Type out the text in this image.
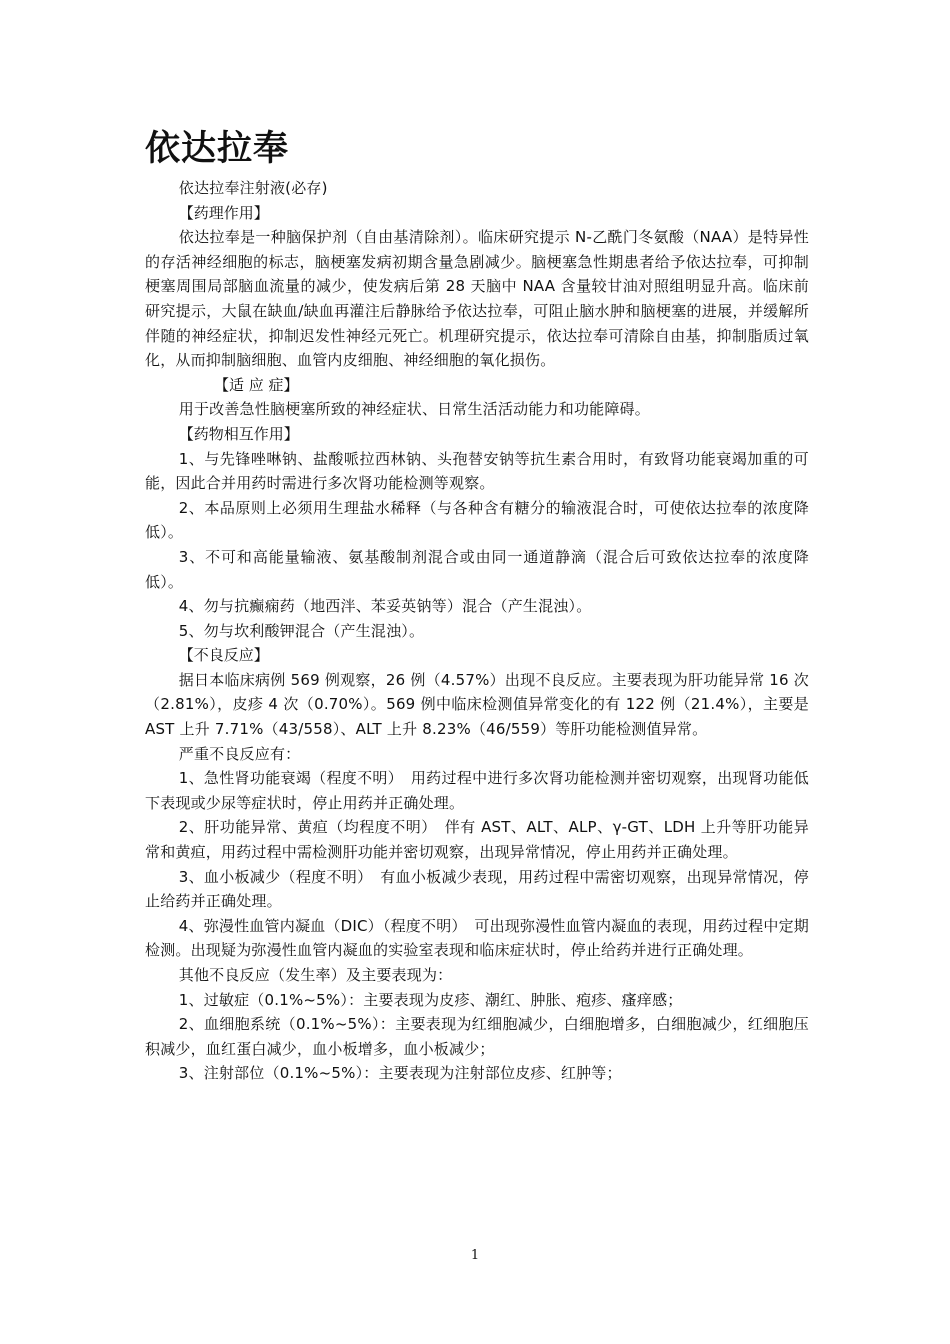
依达拉奉

依达拉奉注射液(必存)

【药理作用】

依达拉奉是一种脑保护剂（自由基清除剂）。临床研究提示 N-乙酰门冬氨酸（NAA）是特异性的存活神经细胞的标志，脑梗塞发病初期含量急剧减少。脑梗塞急性期患者给予依达拉奉，可抑制梗塞周围局部脑血流量的减少，使发病后第 28 天脑中 NAA 含量较甘油对照组明显升高。临床前研究提示，大鼠在缺血/缺血再灌注后静脉给予依达拉奉，可阻止脑水肿和脑梗塞的进展，并缓解所伴随的神经症状，抑制迟发性神经元死亡。机理研究提示，依达拉奉可清除自由基，抑制脂质过氧化，从而抑制脑细胞、血管内皮细胞、神经细胞的氧化损伤。

【适 应 症】

用于改善急性脑梗塞所致的神经症状、日常生活活动能力和功能障碍。

【药物相互作用】

1、与先锋唑啉钠、盐酸哌拉西林钠、头孢替安钠等抗生素合用时，有致肾功能衰竭加重的可能，因此合并用药时需进行多次肾功能检测等观察。

2、本品原则上必须用生理盐水稀释（与各种含有糖分的输液混合时，可使依达拉奉的浓度降低）。

3、不可和高能量输液、氨基酸制剂混合或由同一通道静滴（混合后可致依达拉奉的浓度降低）。

4、勿与抗癫痫药（地西泮、苯妥英钠等）混合（产生混浊）。

5、勿与坎利酸钾混合（产生混浊）。

【不良反应】

据日本临床病例 569 例观察，26 例（4.57%）出现不良反应。主要表现为肝功能异常 16 次（2.81%），皮疹 4 次（0.70%）。569 例中临床检测值异常变化的有 122 例（21.4%），主要是 AST 上升 7.71%（43/558）、ALT 上升 8.23%（46/559）等肝功能检测值异常。

严重不良反应有：

1、急性肾功能衰竭（程度不明）　用药过程中进行多次肾功能检测并密切观察，出现肾功能低下表现或少尿等症状时，停止用药并正确处理。

2、肝功能异常、黄疸（均程度不明）　伴有 AST、ALT、ALP、γ-GT、LDH 上升等肝功能异常和黄疸，用药过程中需检测肝功能并密切观察，出现异常情况，停止用药并正确处理。

3、血小板减少（程度不明）　有血小板减少表现，用药过程中需密切观察，出现异常情况，停止给药并正确处理。

4、弥漫性血管内凝血（DIC）（程度不明）　可出现弥漫性血管内凝血的表现，用药过程中定期检测。出现疑为弥漫性血管内凝血的实验室表现和临床症状时，停止给药并进行正确处理。

其他不良反应（发生率）及主要表现为：

1、过敏症（0.1%~5%）：主要表现为皮疹、潮红、肿胀、疱疹、瘙痒感；

2、血细胞系统（0.1%~5%）：主要表现为红细胞减少，白细胞增多，白细胞减少，红细胞压积减少，血红蛋白减少，血小板增多，血小板减少；

3、注射部位（0.1%~5%）：主要表现为注射部位皮疹、红肿等；

1
